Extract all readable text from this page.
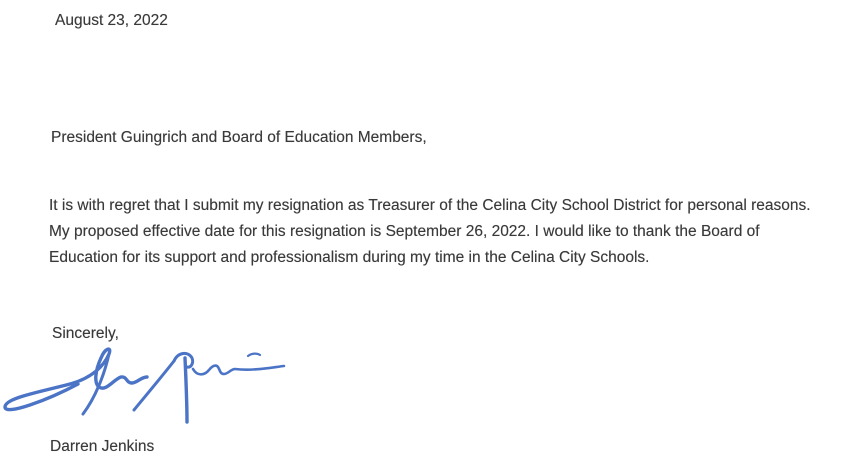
August 23, 2022
President Guingrich and Board of Education Members,
It is with regret that I submit my resignation as Treasurer of the Celina City School District for personal reasons. My proposed effective date for this resignation is September 26, 2022. I would like to thank the Board of Education for its support and professionalism during my time in the Celina City Schools.
Sincerely,
Darren Jenkins
